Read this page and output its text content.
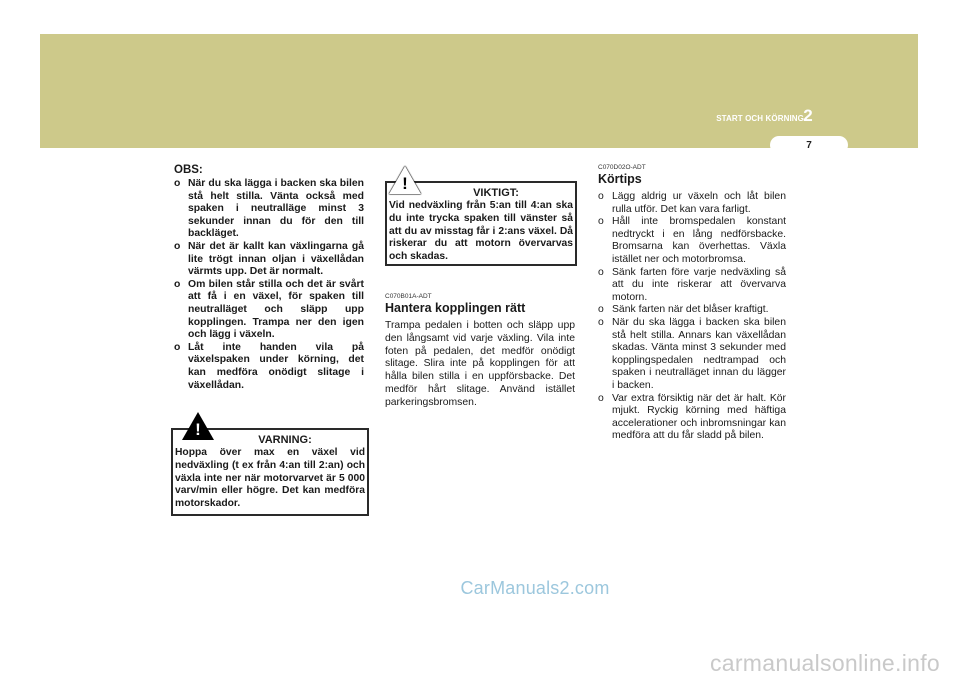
START OCH KÖRNING 2
7
OBS:
o När du ska lägga i backen ska bilen stå helt stilla. Vänta också med spaken i neutralläge minst 3 sekunder innan du för den till backläget.
o När det är kallt kan växlingarna gå lite trögt innan oljan i växellådan värmts upp. Det är normalt.
o Om bilen står stilla och det är svårt att få i en växel, för spaken till neutralläget och släpp upp kopplingen. Trampa ner den igen och lägg i växeln.
o Låt inte handen vila på växelspaken under körning, det kan medföra onödigt slitage i växellådan.
VARNING:
Hoppa över max en växel vid nedväxling (t ex från 4:an till 2:an) och växla inte ner när motorvarvet är 5 000 varv/min eller högre. Det kan medföra motorskador.
!
VIKTIGT:
Vid nedväxling från 5:an till 4:an ska du inte trycka spaken till vänster så att du av misstag får i 2:ans växel. Då riskerar du att motorn övervarvas och skadas.
!
C070B01A-ADT
Hantera kopplingen rätt

Trampa pedalen i botten och släpp upp den långsamt vid varje växling. Vila inte foten på pedalen, det medför onödigt slitage. Slira inte på kopplingen för att hålla bilen stilla i en uppförsbacke. Det medför hårt slitage. Använd istället parkeringsbromsen.

C070D02O-ADT
Körtips
o Lägg aldrig ur växeln och låt bilen rulla utför. Det kan vara farligt.
o Håll inte bromspedalen konstant nedtryckt i en lång nedförsbacke. Bromsarna kan överhettas. Växla istället ner och motorbromsa.
o Sänk farten före varje nedväxling så att du inte riskerar att övervarva motorn.
o Sänk farten när det blåser kraftigt.
o När du ska lägga i backen ska bilen stå helt stilla. Annars kan växellådan skadas. Vänta minst 3 sekunder med kopplingspedalen nedtrampad och spaken i neutralläget innan du lägger i backen.
o Var extra försiktig när det är halt. Kör mjukt. Ryckig körning med häftiga accelerationer och inbromsningar kan medföra att du får sladd på bilen.
CarManuals2.com
carmanualsonline.info
